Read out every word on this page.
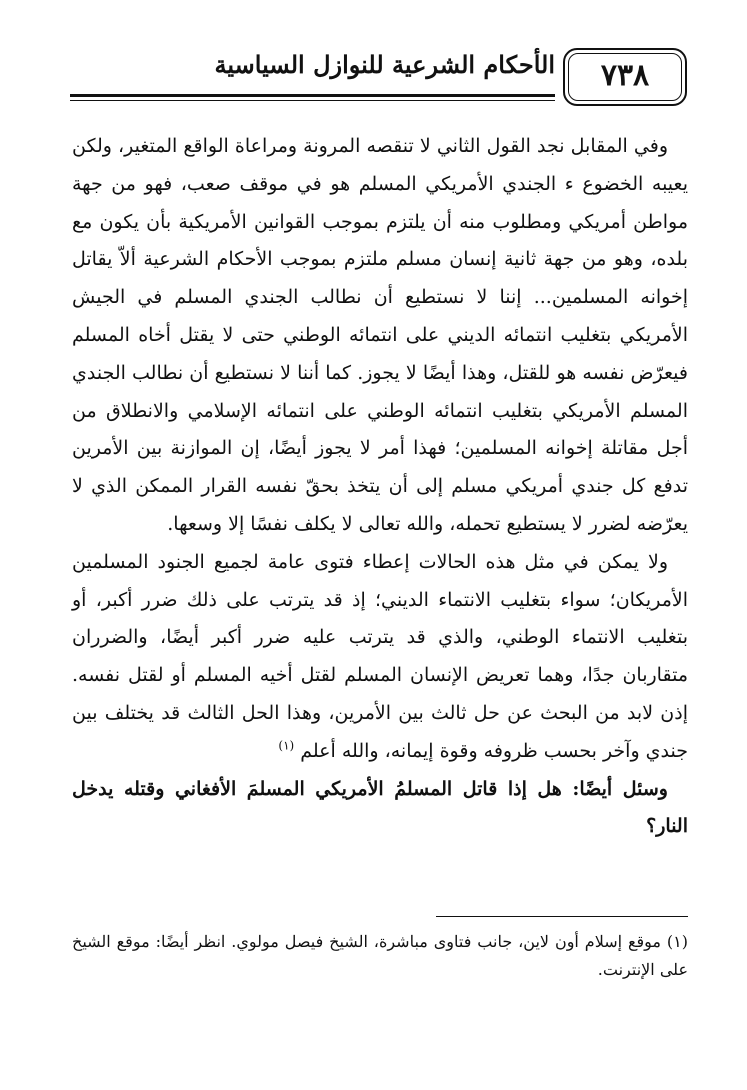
الأحكام الشرعية للنوازل السياسية	٧٣٨

وفي المقابل نجد القول الثاني لا تنقصه المرونة ومراعاة الواقع المتغير، ولكن يعيبه الخضوع ء الجندي الأمريكي المسلم هو في موقف صعب، فهو من جهة مواطن أمريكي ومطلوب منه أن يلتزم بموجب القوانين الأمريكية بأن يكون مع بلده، وهو من جهة ثانية إنسان مسلم ملتزم بموجب الأحكام الشرعية ألاّ يقاتل إخوانه المسلمين... إننا لا نستطيع أن نطالب الجندي المسلم في الجيش الأمريكي بتغليب انتمائه الديني على انتمائه الوطني حتى لا يقتل أخاه المسلم فيعرّض نفسه هو للقتل، وهذا أيضًا لا يجوز. كما أننا لا نستطيع أن نطالب الجندي المسلم الأمريكي بتغليب انتمائه الوطني على انتمائه الإسلامي والانطلاق من أجل مقاتلة إخوانه المسلمين؛ فهذا أمر لا يجوز أيضًا، إن الموازنة بين الأمرين تدفع كل جندي أمريكي مسلم إلى أن يتخذ بحقّ نفسه القرار الممكن الذي لا يعرّضه لضرر لا يستطيع تحمله، والله تعالى لا يكلف نفسًا إلا وسعها.

ولا يمكن في مثل هذه الحالات إعطاء فتوى عامة لجميع الجنود المسلمين الأمريكان؛ سواء بتغليب الانتماء الديني؛ إذ قد يترتب على ذلك ضرر أكبر، أو بتغليب الانتماء الوطني، والذي قد يترتب عليه ضرر أكبر أيضًا، والضرران متقاربان جدًا، وهما تعريض الإنسان المسلم لقتل أخيه المسلم أو لقتل نفسه. إذن لابد من البحث عن حل ثالث بين الأمرين، وهذا الحل الثالث قد يختلف بين جندي وآخر بحسب ظروفه وقوة إيمانه، والله أعلم $^{(١)}$

وسئل أيضًا: هل إذا قاتل المسلمُ الأمريكي المسلمَ الأفغاني وقتله يدخل النار؟

(١) موقع إسلام أون لاين، جانب فتاوى مباشرة، الشيخ فيصل مولوي. انظر أيضًا: موقع الشيخ على الإنترنت.
